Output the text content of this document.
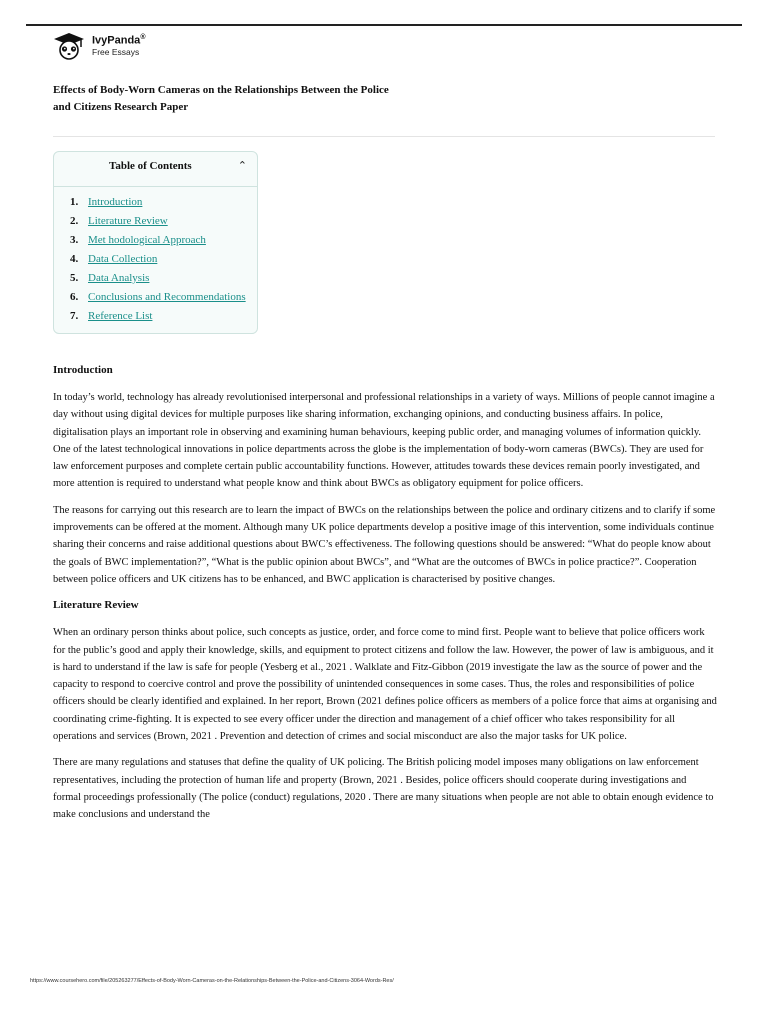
IvyPanda®
Free Essays
Effects of Body-Worn Cameras on the Relationships Between the Police
and Citizens Research Paper
Table of Contents	⌃
1. Introduction
2. Literature Review
3. Met hodological Approach
4. Data Collection
5. Data Analysis
6. Conclusions and Recommendations
7. Reference List
Introduction

In today’s world, technology has already revolutionised interpersonal and professional relationships in a variety of ways. Millions of people cannot imagine a day without using digital devices for multiple purposes like sharing information, exchanging opinions, and conducting business affairs. In police, digitalisation plays an important role in observing and examining human behaviours, keeping public order, and managing volumes of information quickly. One of the latest technological innovations in police departments across the globe is the implementation of body-worn cameras (BWCs). They are used for law enforcement purposes and complete certain public accountability functions. However, attitudes towards these devices remain poorly investigated, and more attention is required to understand what people know and think about BWCs as obligatory equipment for police officers.

The reasons for carrying out this research are to learn the impact of BWCs on the relationships between the police and ordinary citizens and to clarify if some improvements can be offered at the moment. Although many UK police departments develop a positive image of this intervention, some individuals continue sharing their concerns and raise additional questions about BWC’s effectiveness. The following questions should be answered: “What do people know about the goals of BWC implementation?”, “What is the public opinion about BWCs”, and “What are the outcomes of BWCs in police practice?”. Cooperation between police officers and UK citizens has to be enhanced, and BWC application is characterised by positive changes.

Literature Review

When an ordinary person thinks about police, such concepts as justice, order, and force come to mind first. People want to believe that police officers work for the public’s good and apply their knowledge, skills, and equipment to protect citizens and follow the law. However, the power of law is ambiguous, and it is hard to understand if the law is safe for people (Yesberg et al., 2021 . Walklate and Fitz-Gibbon (2019 investigate the law as the source of power and the capacity to respond to coercive control and prove the possibility of unintended consequences in some cases. Thus, the roles and responsibilities of police officers should be clearly identified and explained. In her report, Brown (2021 defines police officers as members of a police force that aims at organising and coordinating crime-fighting. It is expected to see every officer under the direction and management of a chief officer who takes responsibility for all operations and services (Brown, 2021 . Prevention and detection of crimes and social misconduct are also the major tasks for UK police.

There are many regulations and statuses that define the quality of UK policing. The British policing model imposes many obligations on law enforcement representatives, including the protection of human life and property (Brown, 2021 . Besides, police officers should cooperate during investigations and formal proceedings professionally (The police (conduct) regulations, 2020 . There are many situations when people are not able to obtain enough evidence to make conclusions and understand the

https://www.coursehero.com/file/205263277/Effects-of-Body-Worn-Cameras-on-the-Relationships-Between-the-Police-and-Citizens-3064-Words-Res/
